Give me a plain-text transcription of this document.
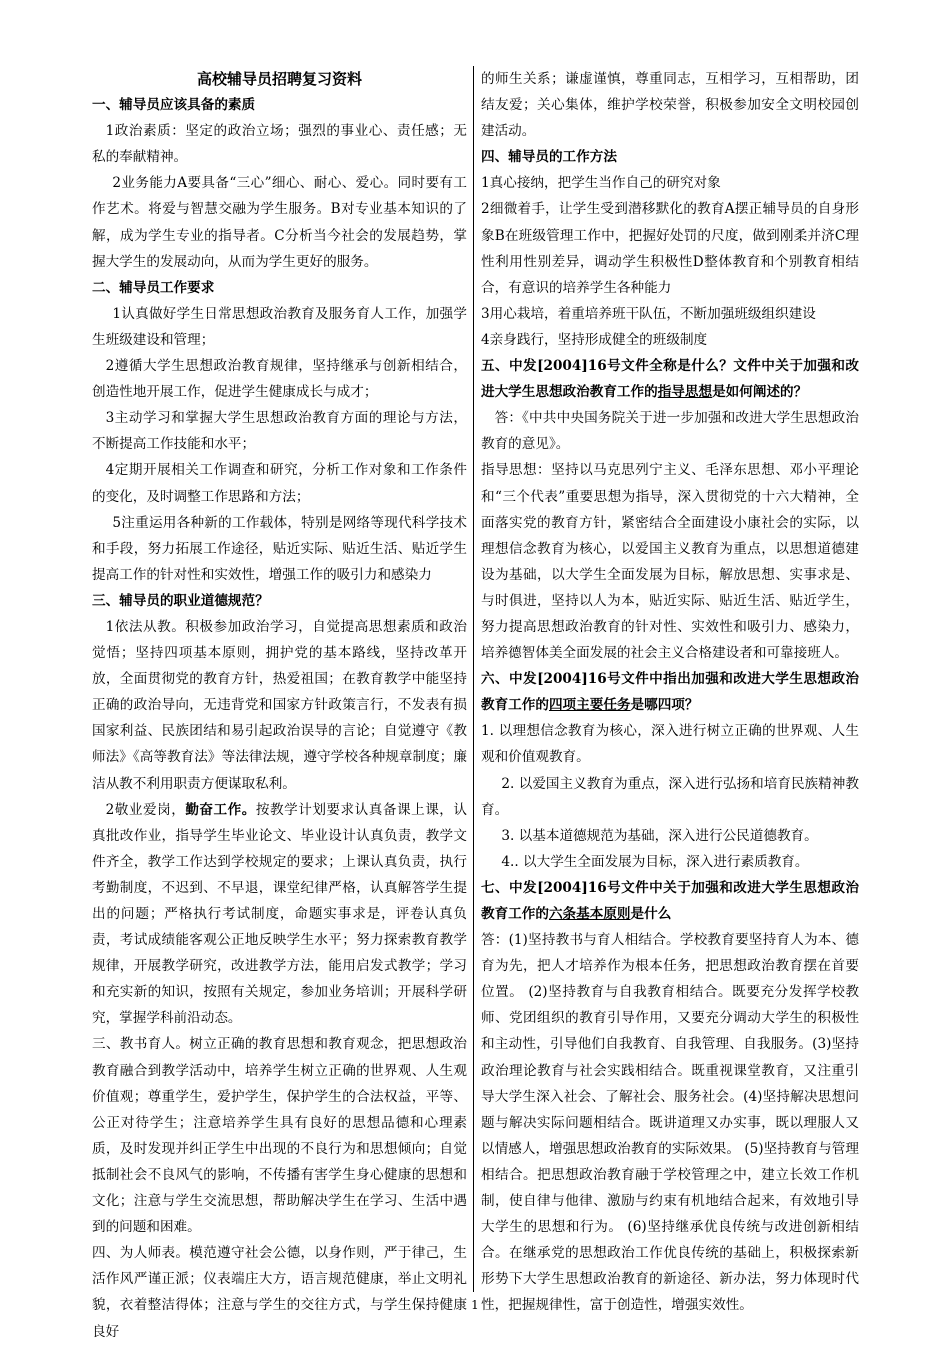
高校辅导员招聘复习资料

一、辅导员应该具备的素质

1政治素质：坚定的政治立场；强烈的事业心、责任感；无私的奉献精神。

2业务能力A要具备“三心”细心、耐心、爱心。同时要有工作艺术。将爱与智慧交融为学生服务。B对专业基本知识的了解，成为学生专业的指导者。C分析当今社会的发展趋势，掌握大学生的发展动向，从而为学生更好的服务。

二、辅导员工作要求

1认真做好学生日常思想政治教育及服务育人工作，加强学生班级建设和管理；

2遵循大学生思想政治教育规律，坚持继承与创新相结合，创造性地开展工作，促进学生健康成长与成才；

3主动学习和掌握大学生思想政治教育方面的理论与方法，不断提高工作技能和水平；

4定期开展相关工作调查和研究，分析工作对象和工作条件的变化，及时调整工作思路和方法；

5注重运用各种新的工作载体，特别是网络等现代科学技术和手段，努力拓展工作途径，贴近实际、贴近生活、贴近学生提高工作的针对性和实效性，增强工作的吸引力和感染力

三、辅导员的职业道德规范？

1依法从教。积极参加政治学习，自觉提高思想素质和政治觉悟；坚持四项基本原则，拥护党的基本路线，坚持改革开放，全面贯彻党的教育方针，热爱祖国；在教育教学中能坚持正确的政治导向，无违背党和国家方针政策言行，不发表有损国家利益、民族团结和易引起政治误导的言论；自觉遵守《教师法》《高等教育法》等法律法规，遵守学校各种规章制度；廉洁从教不利用职责方便谋取私利。

2敬业爱岗，勤奋工作。按教学计划要求认真备课上课，认真批改作业，指导学生毕业论文、毕业设计认真负责，教学文件齐全，教学工作达到学校规定的要求；上课认真负责，执行考勤制度，不迟到、不早退，课堂纪律严格，认真解答学生提出的问题；严格执行考试制度，命题实事求是，评卷认真负责，考试成绩能客观公正地反映学生水平；努力探索教育教学规律，开展教学研究，改进教学方法，能用启发式教学；学习和充实新的知识，按照有关规定，参加业务培训；开展科学研究，掌握学科前沿动态。

三、教书育人。树立正确的教育思想和教育观念，把思想政治教育融合到教学活动中，培养学生树立正确的世界观、人生观价值观；尊重学生，爱护学生，保护学生的合法权益，平等、公正对待学生；注意培养学生具有良好的思想品德和心理素质，及时发现并纠正学生中出现的不良行为和思想倾向；自觉抵制社会不良风气的影响，不传播有害学生身心健康的思想和文化；注意与学生交流思想，帮助解决学生在学习、生活中遇到的问题和困难。

四、为人师表。模范遵守社会公德，以身作则，严于律己，生活作风严谨正派；仪表端庄大方，语言规范健康，举止文明礼貌，衣着整洁得体；注意与学生的交往方式，与学生保持健康良好

的师生关系；谦虚谨慎，尊重同志，互相学习，互相帮助，团结友爱；关心集体，维护学校荣誉，积极参加安全文明校园创建活动。

四、辅导员的工作方法

1真心接纳，把学生当作自己的研究对象

2细微着手，让学生受到潜移默化的教育A摆正辅导员的自身形象B在班级管理工作中，把握好处罚的尺度，做到刚柔并济C理性利用性别差异，调动学生积极性D整体教育和个别教育相结合，有意识的培养学生各种能力

3用心栽培，着重培养班干队伍，不断加强班级组织建设

4亲身践行，坚持形成健全的班级制度

五、中发[2004]16号文件全称是什么？文件中关于加强和改进大学生思想政治教育工作的指导思想是如何阐述的？

答：《中共中央国务院关于进一步加强和改进大学生思想政治教育的意见》。

指导思想：坚持以马克思列宁主义、毛泽东思想、邓小平理论和“三个代表”重要思想为指导，深入贯彻党的十六大精神，全面落实党的教育方针，紧密结合全面建设小康社会的实际，以理想信念教育为核心，以爱国主义教育为重点，以思想道德建设为基础，以大学生全面发展为目标，解放思想、实事求是、与时俱进，坚持以人为本，贴近实际、贴近生活、贴近学生，努力提高思想政治教育的针对性、实效性和吸引力、感染力，培养德智体美全面发展的社会主义合格建设者和可靠接班人。

六、中发[2004]16号文件中指出加强和改进大学生思想政治教育工作的四项主要任务是哪四项？

1. 以理想信念教育为核心，深入进行树立正确的世界观、人生观和价值观教育。

2. 以爱国主义教育为重点，深入进行弘扬和培育民族精神教育。

3. 以基本道德规范为基础，深入进行公民道德教育。

4.. 以大学生全面发展为目标，深入进行素质教育。

七、中发[2004]16号文件中关于加强和改进大学生思想政治教育工作的六条基本原则是什么

答：(1)坚持教书与育人相结合。学校教育要坚持育人为本、德育为先，把人才培养作为根本任务，把思想政治教育摆在首要位置。 (2)坚持教育与自我教育相结合。既要充分发挥学校教师、党团组织的教育引导作用，又要充分调动大学生的积极性和主动性，引导他们自我教育、自我管理、自我服务。(3)坚持政治理论教育与社会实践相结合。既重视课堂教育，又注重引导大学生深入社会、了解社会、服务社会。(4)坚持解决思想问题与解决实际问题相结合。既讲道理又办实事，既以理服人又以情感人，增强思想政治教育的实际效果。 (5)坚持教育与管理相结合。把思想政治教育融于学校管理之中，建立长效工作机制，使自律与他律、激励与约束有机地结合起来，有效地引导大学生的思想和行为。 (6)坚持继承优良传统与改进创新相结合。在继承党的思想政治工作优良传统的基础上，积极探索新形势下大学生思想政治教育的新途径、新办法，努力体现时代性，把握规律性，富于创造性，增强实效性。

1
